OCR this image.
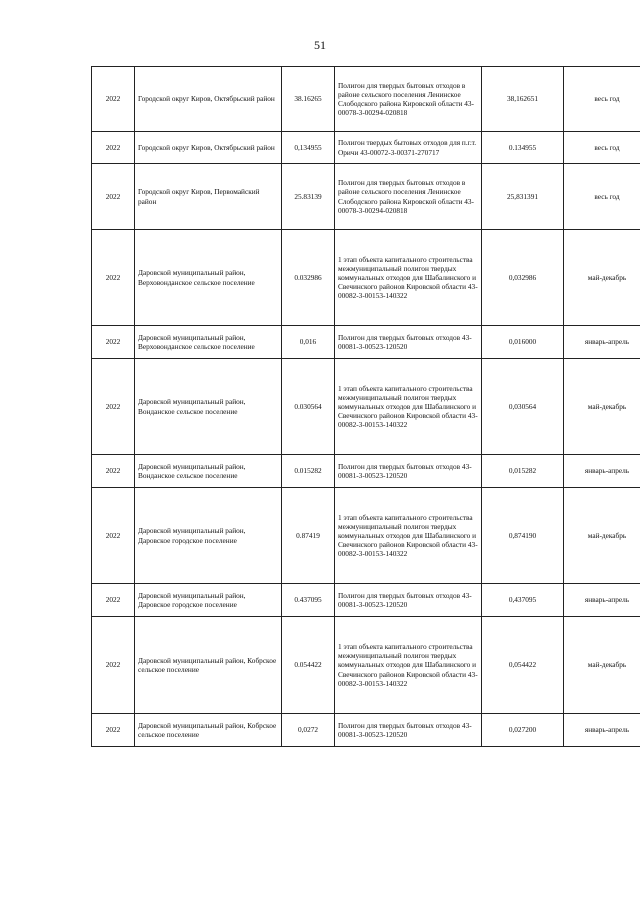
51
2022	Городской округ Киров, Октябрьский район	38.16265	Полигон для твердых бытовых отходов в районе сельского поселения Ленинское Слободского района Кировской области 43-00078-3-00294-020818	38,162651	весь год
2022	Городской округ Киров, Октябрьский район	0,134955	Полигон твердых бытовых отходов для п.г.т. Оричи 43-00072-3-00371-270717	0.134955	весь год
2022	Городской округ Киров, Первомайский район	25.83139	Полигон для твердых бытовых отходов в районе сельского поселения Ленинское Слободского района Кировской области 43-00078-3-00294-020818	25,831391	весь год
2022	Даровской муниципальный район, Верховонданское сельское поселение	0.032986	1 этап объекта капитального строительства межмуниципальный полигон твердых коммунальных отходов для Шабалинского и Свечинского районов Кировской области 43-00082-3-00153-140322	0,032986	май-декабрь
2022	Даровской муниципальный район, Верховонданское сельское поселение	0,016	Полигон для твердых бытовых отходов 43-00081-3-00523-120520	0,016000	январь-апрель
2022	Даровской муниципальный район, Вонданское сельское поселение	0.030564	1 этап объекта капитального строительства межмуниципальный полигон твердых коммунальных отходов для Шабалинского и Свечинского районов Кировской области 43-00082-3-00153-140322	0,030564	май-декабрь
2022	Даровской муниципальный район, Вонданское сельское поселение	0.015282	Полигон для твердых бытовых отходов 43-00081-3-00523-120520	0,015282	январь-апрель
2022	Даровской муниципальный район, Даровское городское поселение	0.87419	1 этап объекта капитального строительства межмуниципальный полигон твердых коммунальных отходов для Шабалинского и Свечинского районов Кировской области 43-00082-3-00153-140322	0,874190	май-декабрь
2022	Даровской муниципальный район, Даровское городское поселение	0.437095	Полигон для твердых бытовых отходов 43-00081-3-00523-120520	0,437095	январь-апрель
2022	Даровской муниципальный район, Кобрское сельское поселение	0.054422	1 этап объекта капитального строительства межмуниципальный полигон твердых коммунальных отходов для Шабалинского и Свечинского районов Кировской области 43-00082-3-00153-140322	0,054422	май-декабрь
2022	Даровской муниципальный район, Кобрское сельское поселение	0,0272	Полигон для твердых бытовых отходов 43-00081-3-00523-120520	0,027200	январь-апрель
